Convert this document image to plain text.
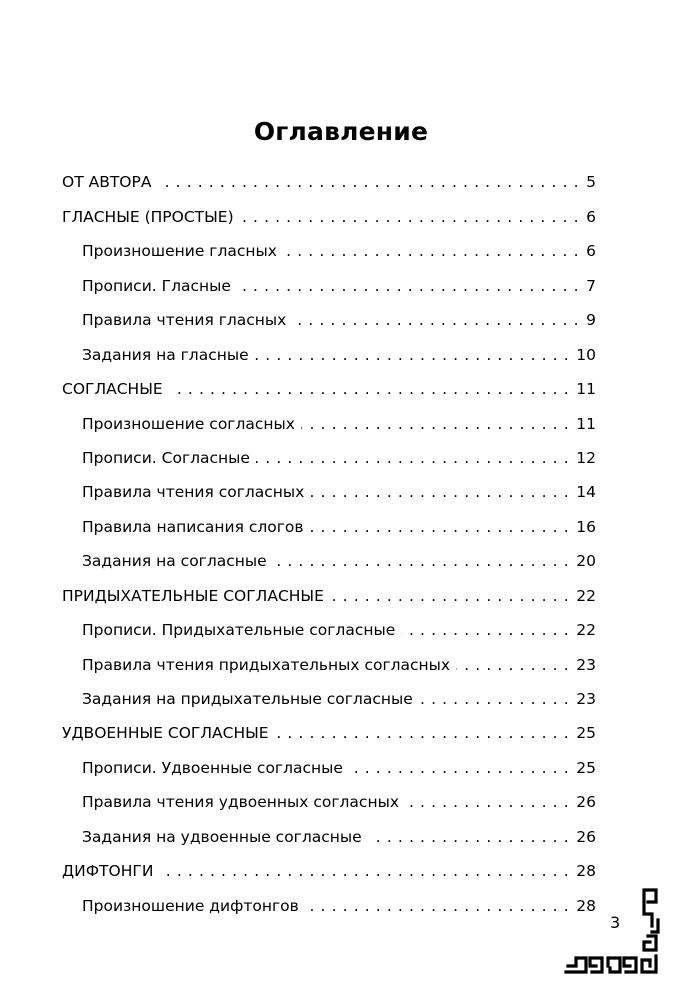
Оглавление
ОТ АВТОРА . . .	5
ГЛАСНЫЕ (ПРОСТЫЕ) . . .	6
Произношение гласных . . .	6
Прописи. Гласные . . .	7
Правила чтения гласных . . .	9
Задания на гласные . . .	10
СОГЛАСНЫЕ . . .	11
Произношение согласных . . .	11
Прописи. Согласные . . .	12
Правила чтения согласных . . .	14
Правила написания слогов . . .	16
Задания на согласные . . .	20
ПРИДЫХАТЕЛЬНЫЕ СОГЛАСНЫЕ . . .	22
Прописи. Придыхательные согласные . . .	22
Правила чтения придыхательных согласных . . .	23
Задания на придыхательные согласные . . .	23
УДВОЕННЫЕ СОГЛАСНЫЕ . . .	25
Прописи. Удвоенные согласные . . .	25
Правила чтения удвоенных согласных . . .	26
Задания на удвоенные согласные . . .	26
ДИФТОНГИ . . .	28
Произношение дифтонгов . . .	28
3
